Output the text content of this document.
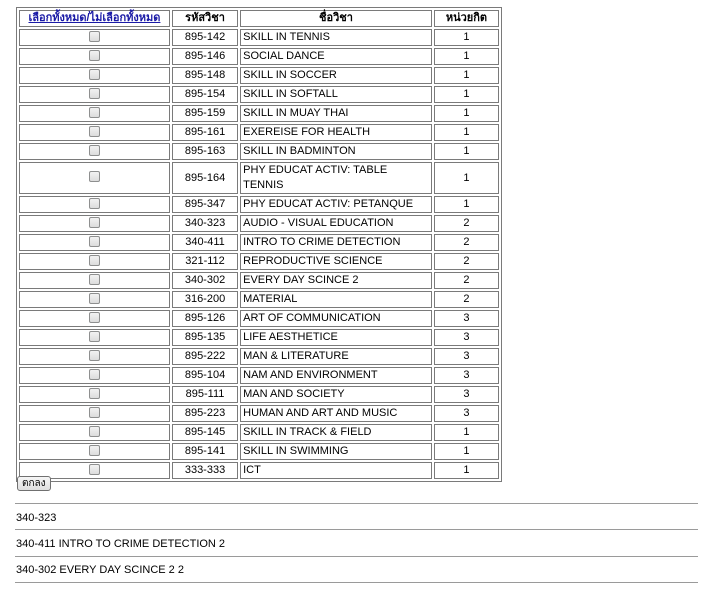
เลือกทั้งหมด/ไม่เลือกทั้งหมด	รหัสวิชา	ชื่อวิชา	หน่วยกิต
	895-142	SKILL IN TENNIS	1
	895-146	SOCIAL DANCE	1
	895-148	SKILL IN SOCCER	1
	895-154	SKILL IN SOFTALL	1
	895-159	SKILL IN MUAY THAI	1
	895-161	EXEREISE FOR HEALTH	1
	895-163	SKILL IN BADMINTON	1
	895-164	PHY EDUCAT ACTIV: TABLE TENNIS	1
	895-347	PHY EDUCAT ACTIV: PETANQUE	1
	340-323	AUDIO - VISUAL EDUCATION	2
	340-411	INTRO TO CRIME DETECTION	2
	321-112	REPRODUCTIVE SCIENCE	2
	340-302	EVERY DAY SCINCE 2	2
	316-200	MATERIAL	2
	895-126	ART OF COMMUNICATION	3
	895-135	LIFE AESTHETICE	3
	895-222	MAN & LITERATURE	3
	895-104	NAM AND ENVIRONMENT	3
	895-111	MAN AND SOCIETY	3
	895-223	HUMAN AND ART AND MUSIC	3
	895-145	SKILL IN TRACK & FIELD	1
	895-141	SKILL IN SWIMMING	1
	333-333	ICT	1
ตกลง
340-323
340-411 INTRO TO CRIME DETECTION 2
340-302 EVERY DAY SCINCE 2 2
